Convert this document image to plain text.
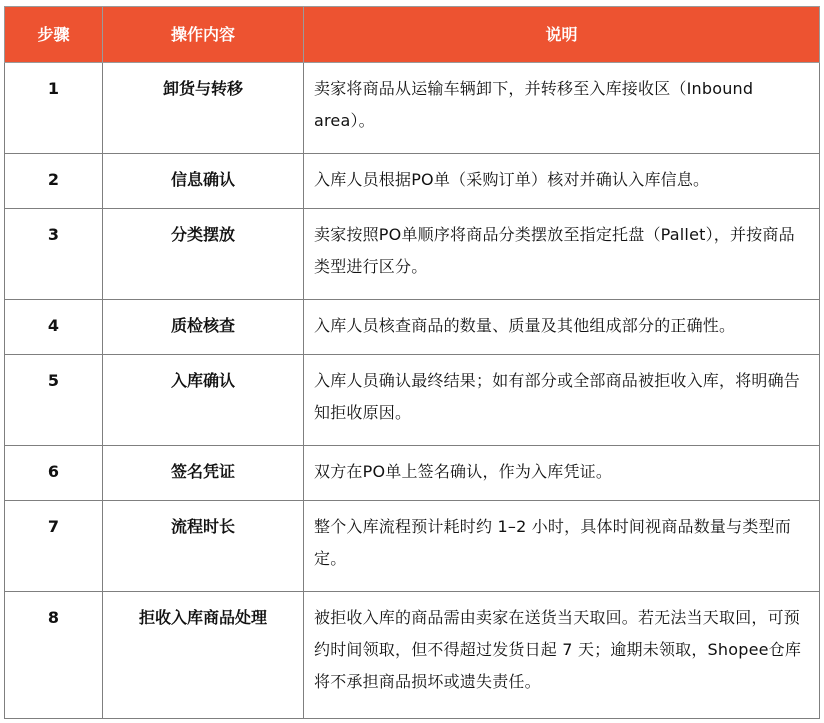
步骤	操作内容	说明
1	卸货与转移	卖家将商品从运输车辆卸下，并转移至入库接收区（Inbound area）。
2	信息确认	入库人员根据PO单（采购订单）核对并确认入库信息。
3	分类摆放	卖家按照PO单顺序将商品分类摆放至指定托盘（Pallet），并按商品类型进行区分。
4	质检核查	入库人员核查商品的数量、质量及其他组成部分的正确性。
5	入库确认	入库人员确认最终结果；如有部分或全部商品被拒收入库，将明确告知拒收原因。
6	签名凭证	双方在PO单上签名确认，作为入库凭证。
7	流程时长	整个入库流程预计耗时约 1–2 小时，具体时间视商品数量与类型而定。
8	拒收入库商品处理	被拒收入库的商品需由卖家在送货当天取回。若无法当天取回，可预约时间领取，但不得超过发货日起 7 天；逾期未领取，Shopee仓库将不承担商品损坏或遗失责任。
